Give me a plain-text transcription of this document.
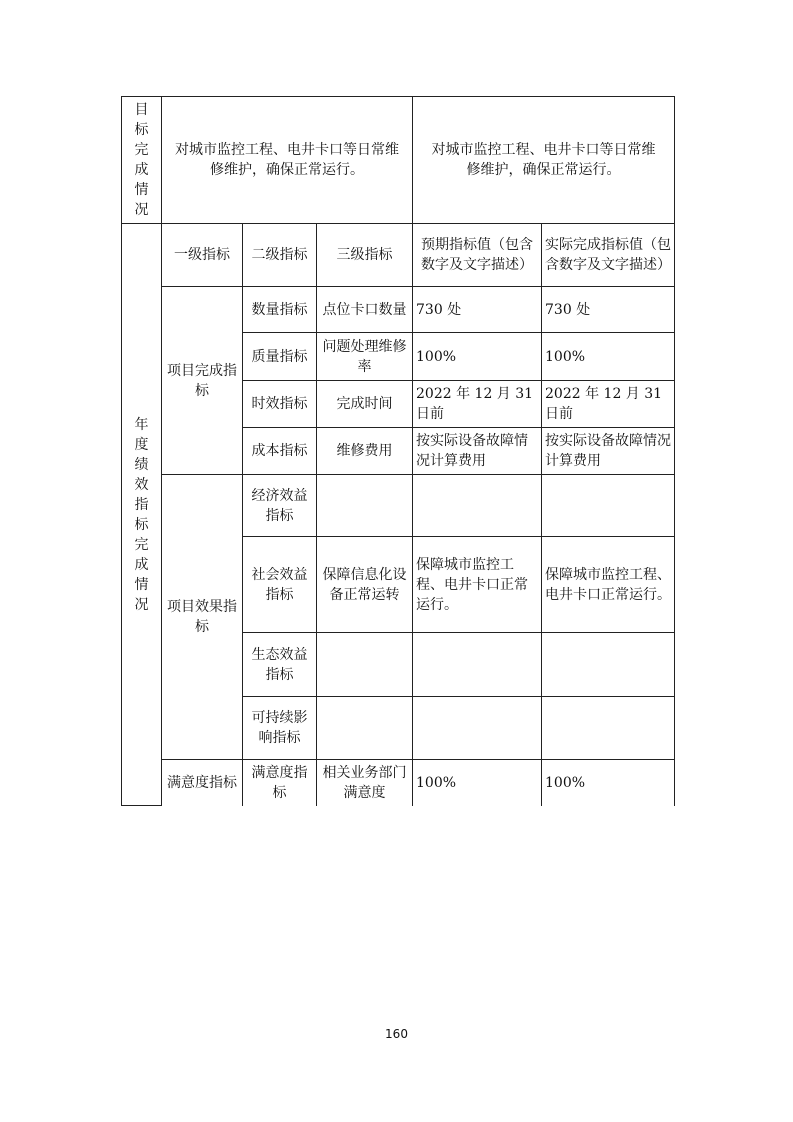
目标完成情况	对城市监控工程、电井卡口等日常维修维护，确保正常运行。			对城市监控工程、电井卡口等日常维修维护，确保正常运行。	

年度绩效指标完成情况	一级指标	二级指标	三级指标	预期指标值（包含数字及文字描述）	实际完成指标值（包含数字及文字描述）
	项目完成指标	数量指标	点位卡口数量	730 处	730 处
		质量指标	问题处理维修率	100%	100%
		时效指标	完成时间	2022 年 12 月 31 日前	2022 年 12 月 31 日前
		成本指标	维修费用	按实际设备故障情况计算费用	按实际设备故障情况计算费用
	项目效果指标	经济效益指标			
		社会效益指标	保障信息化设备正常运转	保障城市监控工程、电井卡口正常运行。	保障城市监控工程、电井卡口正常运行。
		生态效益指标			
		可持续影响指标			
	满意度指标	满意度指标	相关业务部门满意度	100%	100%
160
